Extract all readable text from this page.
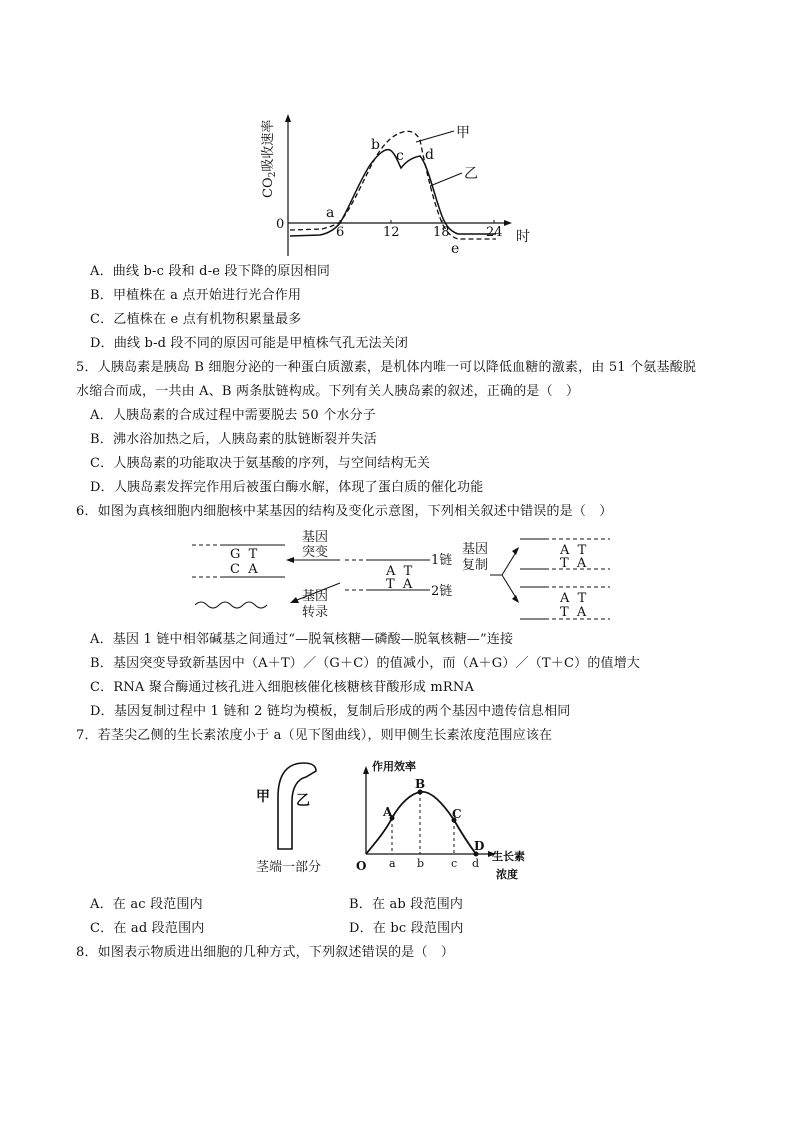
$CO_2$吸收速率
0
6	12	18	24 时
a
b
c d
e
甲
乙
A．曲线 b-c 段和 d-e 段下降的原因相同
B．甲植株在 a 点开始进行光合作用
C．乙植株在 e 点有机物积累量最多
D．曲线 b-d 段不同的原因可能是甲植株气孔无法关闭
5．人胰岛素是胰岛 B 细胞分泌的一种蛋白质激素，是机体内唯一可以降低血糖的激素，由 51 个氨基酸脱
水缩合而成，一共由 A、B 两条肽链构成。下列有关人胰岛素的叙述，正确的是（　）
A．人胰岛素的合成过程中需要脱去 50 个水分子
B．沸水浴加热之后，人胰岛素的肽链断裂并失活
C．人胰岛素的功能取决于氨基酸的序列，与空间结构无关
D．人胰岛素发挥完作用后被蛋白酶水解，体现了蛋白质的催化功能
6．如图为真核细胞内细胞核中某基因的结构及变化示意图，下列相关叙述中错误的是（　）
G  T
C  A
基因
突变
A  T
T  A
1链
2链
基因
转录
基因
复制
A  T
T  A
A  T
T  A
A．基因 1 链中相邻碱基之间通过“—脱氧核糖—磷酸—脱氧核糖—”连接
B．基因突变导致新基因中（A＋T）／（G＋C）的值减小，而（A＋G）／（T＋C）的值增大
C．RNA 聚合酶通过核孔进入细胞核催化核糖核苷酸形成 mRNA
D．基因复制过程中 1 链和 2 链均为模板，复制后形成的两个基因中遗传信息相同
7．若茎尖乙侧的生长素浓度小于 a（见下图曲线），则甲侧生长素浓度范围应该在
甲 乙
茎端一部分
作用效率
O
A
B
C
D
a b c d
生长素
浓度
A．在 ac 段范围内	B．在 ab 段范围内
C．在 ad 段范围内	D．在 bc 段范围内
8．如图表示物质进出细胞的几种方式，下列叙述错误的是（　）
